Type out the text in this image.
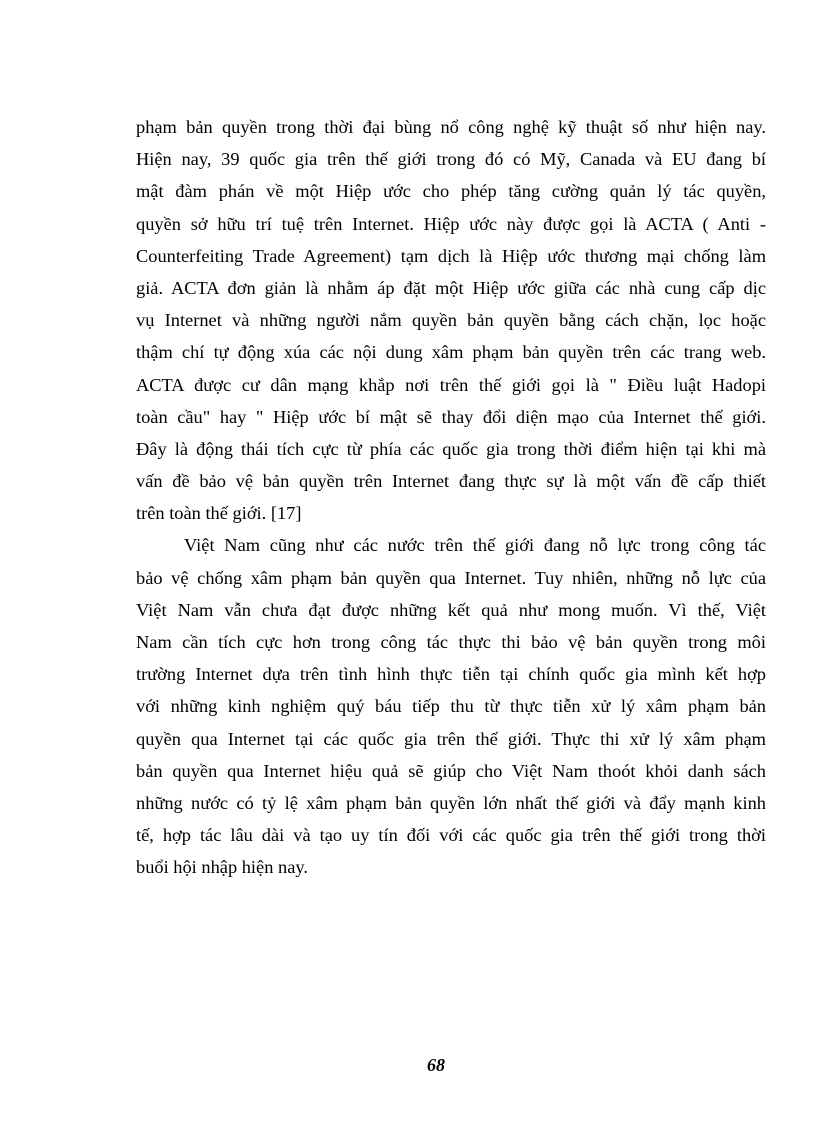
phạm bản quyền trong thời đại bùng nổ công nghệ kỹ thuật số như hiện nay.
Hiện nay, 39 quốc gia trên thế giới trong đó có Mỹ, Canada và EU đang bí
mật đàm phán về một Hiệp ước cho phép tăng cường quản lý tác quyền,
quyền sở hữu trí tuệ trên Internet. Hiệp ước này được gọi là ACTA ( Anti -
Counterfeiting Trade Agreement) tạm dịch là Hiệp ước thương mại chống làm
giả. ACTA đơn giản là nhằm áp đặt một Hiệp ước giữa các nhà cung cấp dịc
vụ Internet và những người nắm quyền bản quyền bằng cách chặn, lọc hoặc
thậm chí tự động xúa các nội dung xâm phạm bản quyền trên các trang web.
ACTA được cư dân mạng khắp nơi trên thế giới gọi là " Điều luật Hadopi
toàn cầu" hay " Hiệp ước bí mật sẽ thay đổi diện mạo của Internet thế giới.
Đây là động thái tích cực từ phía các quốc gia trong thời điểm hiện tại khi mà
vấn đề bảo vệ bản quyền trên Internet đang thực sự là một vấn đề cấp thiết
trên toàn thế giới. [17]
Việt Nam cũng như các nước trên thế giới đang nỗ lực trong công tác
bảo vệ chống xâm phạm bản quyền qua Internet. Tuy nhiên, những nỗ lực của
Việt Nam vẫn chưa đạt được những kết quả như mong muốn. Vì thế, Việt
Nam cần tích cực hơn trong công tác thực thi bảo vệ bản quyền trong môi
trường Internet dựa trên tình hình thực tiễn tại chính quốc gia mình kết hợp
với những kinh nghiệm quý báu tiếp thu từ thực tiễn xử lý xâm phạm bản
quyền qua Internet tại các quốc gia trên thế giới. Thực thi xử lý xâm phạm
bản quyền qua Internet hiệu quả sẽ giúp cho Việt Nam thoót khỏi danh sách
những nước có tỷ lệ xâm phạm bản quyền lớn nhất thế giới và đẩy mạnh kinh
tế, hợp tác lâu dài và tạo uy tín đối với các quốc gia trên thế giới trong thời
buổi hội nhập hiện nay.
68
